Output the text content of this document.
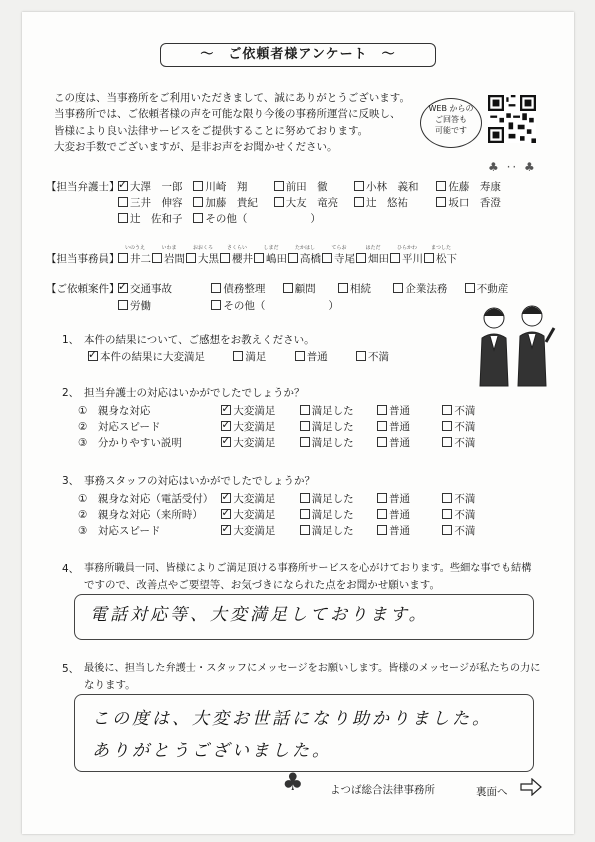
～　ご依頼者様アンケート　～
この度は、当事務所をご利用いただきまして、誠にありがとうございます。
当事務所では、ご依頼者様の声を可能な限り今後の事務所運営に反映し、
皆様により良い法律サービスをご提供することに努めております。
大変お手数でございますが、是非お声をお聞かせください。
WEB からの
ご回答も
可能です
♣ ·· ♣
【担当弁護士】
✓ 大澤　一郎 川崎　翔	前田　徹	小林　義和	佐藤　寿康
三井　伸容 加藤　貴紀	大友　竜亮	辻　悠祐	坂口　香澄
辻　佐和子 その他（　　　　　　）
【担当事務員】
いのうえ	いわま	おおくろ	さくらい	しまだ	たかはし	てらお	はただ	ひらかわ	まつした
井二 岩間 大黒 櫻井 嶋田 高橋 寺尾 畑田 平川 松下
【ご依頼案件】
✓ 交通事故	債務整理	顧問	相続	企業法務	不動産
労働	その他（　　　　　　）
1、 本件の結果について、ご感想をお教えください。
✓ 本件の結果に大変満足	満足	普通	不満
2、 担当弁護士の対応はいかがでしたでしょうか？
①　親身な対応	✓ 大変満足	満足した	普通	不満
②　対応スピード	✓ 大変満足	満足した	普通	不満
③　分かりやすい説明	✓ 大変満足	満足した	普通	不満
3、 事務スタッフの対応はいかがでしたでしょうか？
①　親身な対応（電話受付） ✓ 大変満足	満足した	普通	不満
②　親身な対応（来所時） ✓ 大変満足	満足した	普通	不満
③　対応スピード	✓ 大変満足	満足した	普通	不満
4、 事務所職員一同、皆様によりご満足頂ける事務所サービスを心がけております。些細な事でも結構
ですので、改善点やご要望等、お気づきになられた点をお聞かせ願います。
電話対応等、大変満足しております。
5、 最後に、担当した弁護士・スタッフにメッセージをお願いします。皆様のメッセージが私たちの力に
なります。
この度は、大変お世話になり助かりました。
ありがとうございました。
♣	よつば総合法律事務所	裏面へ
